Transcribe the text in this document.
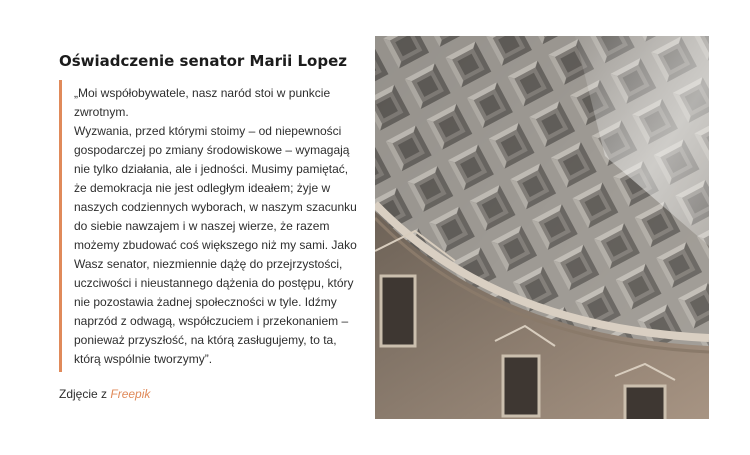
Oświadczenie senator Marii Lopez

„Moi współobywatele, nasz naród stoi w punkcie zwrotnym.

Wyzwania, przed którymi stoimy – od niepewności gospodarczej po zmiany środowiskowe – wymagają nie tylko działania, ale i jedności. Musimy pamiętać, że demokracja nie jest odległym ideałem; żyje w naszych codziennych wyborach, w naszym szacunku do siebie nawzajem i w naszej wierze, że razem możemy zbudować coś większego niż my sami. Jako Wasz senator, niezmiennie dążę do przejrzystości, uczciwości i nieustannego dążenia do postępu, który nie pozostawia żadnej społeczności w tyle. Idźmy naprzód z odwagą, współczuciem i przekonaniem – ponieważ przyszłość, na którą zasługujemy, to ta, którą wspólnie tworzymy”.

Zdjęcie z Freepik
